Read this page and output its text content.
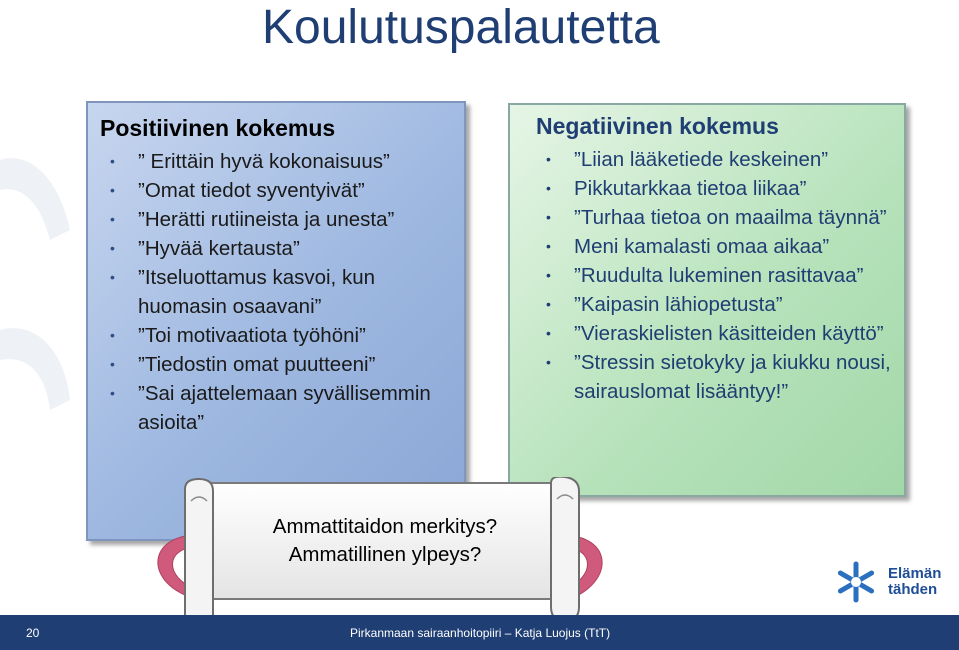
Koulutuspalautetta
Positiivinen kokemus
• ” Erittäin hyvä kokonaisuus”
• ”Omat tiedot syventyivät”
• ”Herätti rutiineista ja unesta”
• ”Hyvää kertausta”
• ”Itseluottamus kasvoi, kun huomasin osaavani”
• ”Toi motivaatiota työhöni”
• ”Tiedostin omat puutteeni”
• ”Sai ajattelemaan syvällisemmin asioita”
Negatiivinen kokemus
• ”Liian lääketiede keskeinen”
• Pikkutarkkaa tietoa liikaa”
• ”Turhaa tietoa on maailma täynnä”
• Meni kamalasti omaa aikaa”
• ”Ruudulta lukeminen rasittavaa”
• ”Kaipasin lähiopetusta”
• ”Vieraskielisten käsitteiden käyttö”
• ”Stressin sietokyky ja kiukku nousi, sairauslomat lisääntyy!”
Ammattitaidon merkitys?
Ammatillinen ylpeys?
Elämän
tähden
20	Pirkanmaan sairaanhoitopiiri – Katja Luojus (TtT)
